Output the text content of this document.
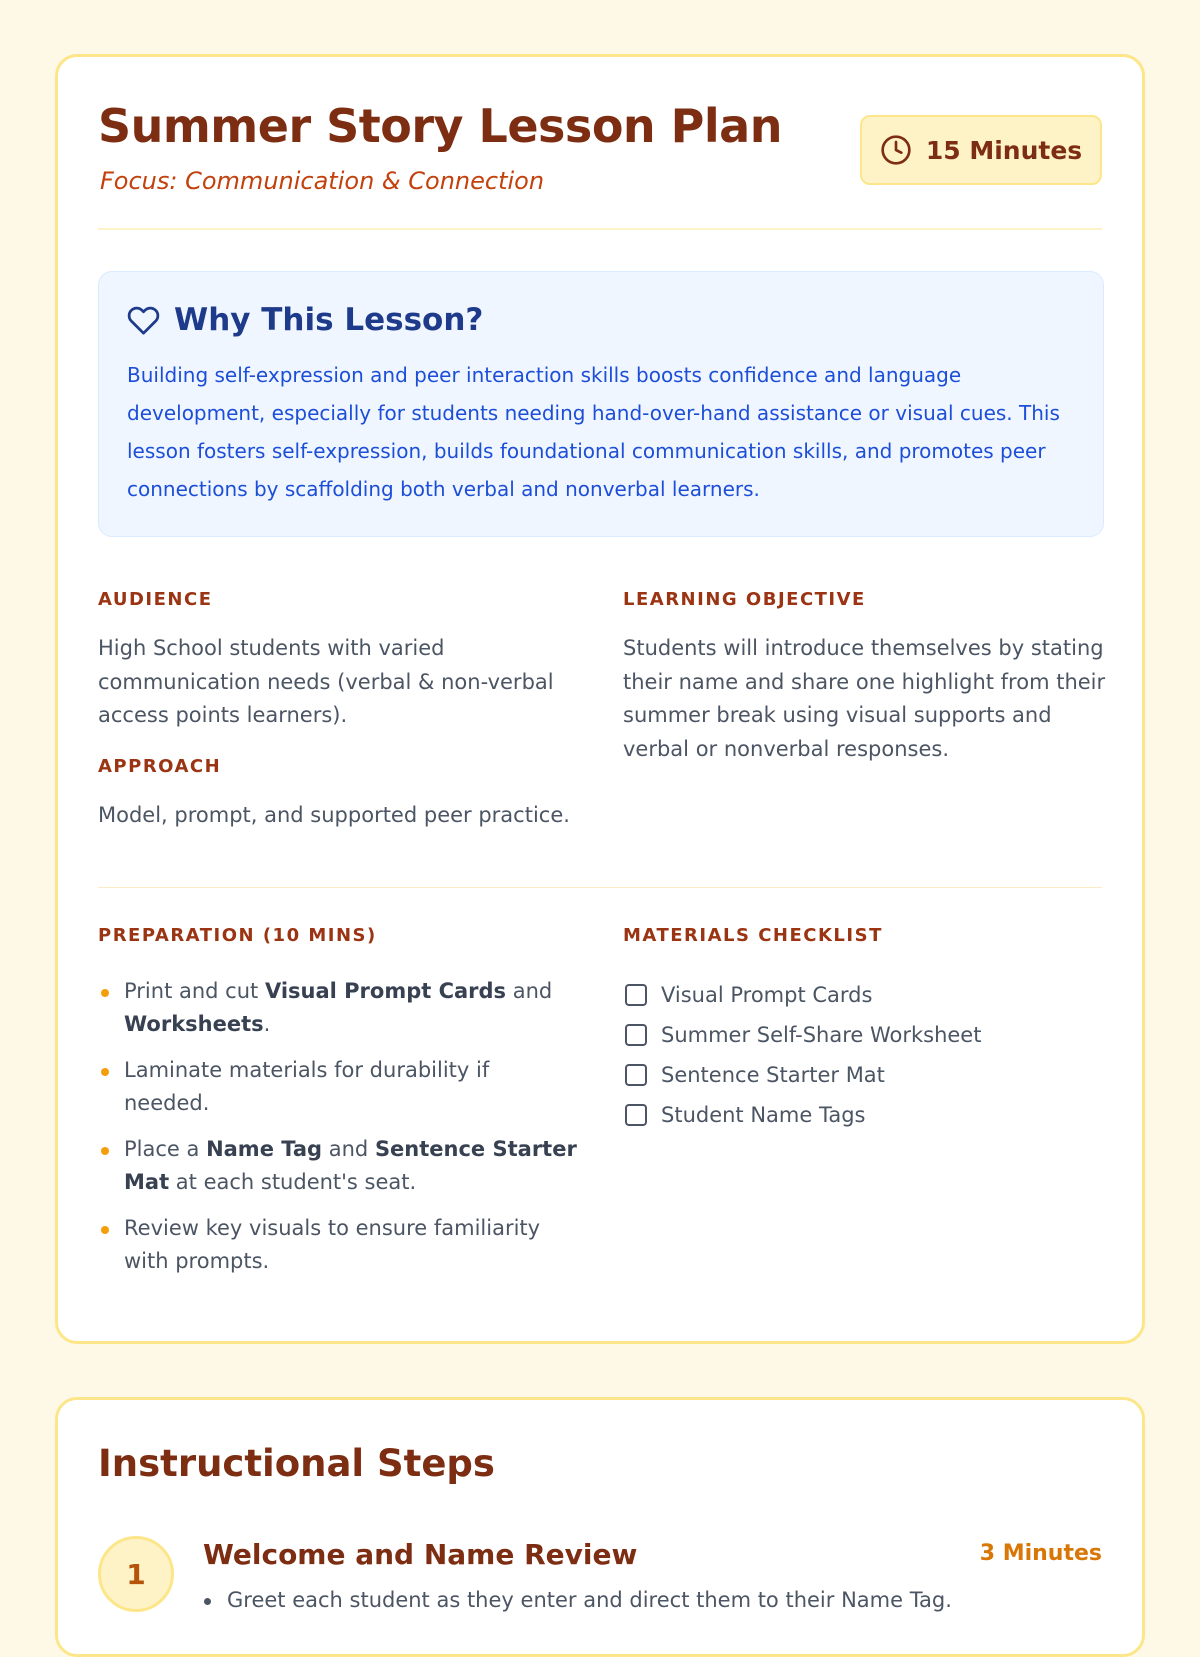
Summer Story Lesson Plan
Focus: Communication & Connection
15 Minutes
Why This Lesson?

Building self-expression and peer interaction skills boosts confidence and language development, especially for students needing hand-over-hand assistance or visual cues. This lesson fosters self-expression, builds foundational communication skills, and promotes peer connections by scaffolding both verbal and nonverbal learners.

AUDIENCE

High School students with varied communication needs (verbal & non-verbal access points learners).

APPROACH

Model, prompt, and supported peer practice.

LEARNING OBJECTIVE

Students will introduce themselves by stating their name and share one highlight from their summer break using visual supports and verbal or nonverbal responses.

PREPARATION (10 MINS)
Print and cut Visual Prompt Cards and Worksheets.
Laminate materials for durability if needed.
Place a Name Tag and Sentence Starter Mat at each student's seat.
Review key visuals to ensure familiarity with prompts.
MATERIALS CHECKLIST
Visual Prompt Cards
Summer Self-Share Worksheet
Sentence Starter Mat
Student Name Tags
Instructional Steps
1
Welcome and Name Review	3 Minutes
Greet each student as they enter and direct them to their Name Tag.
